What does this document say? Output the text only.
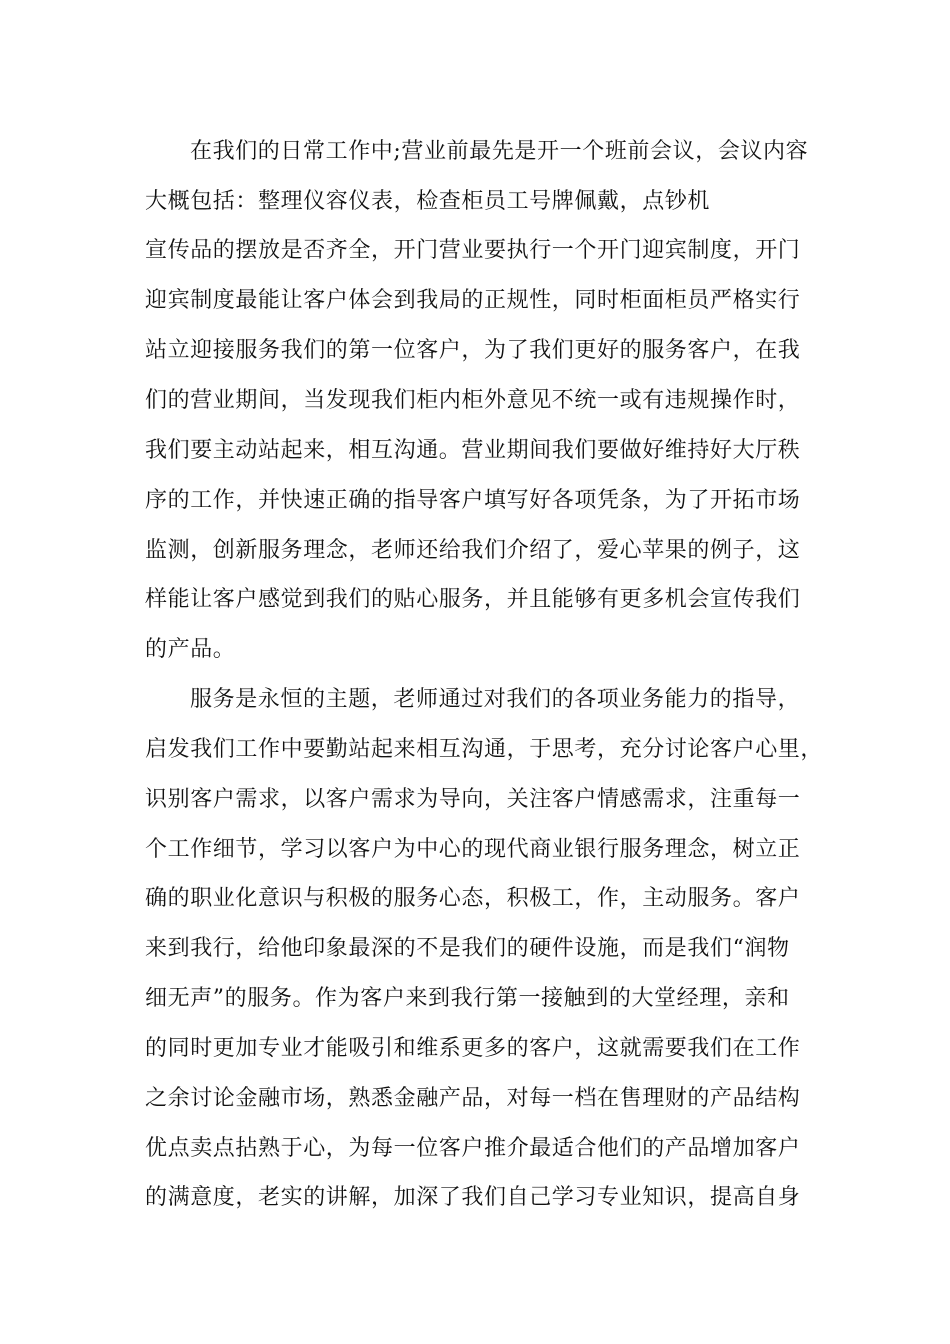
在我们的日常工作中;营业前最先是开一个班前会议，会议内容
大概包括：整理仪容仪表，检查柜员工号牌佩戴，点钞机
宣传品的摆放是否齐全，开门营业要执行一个开门迎宾制度，开门
迎宾制度最能让客户体会到我局的正规性，同时柜面柜员严格实行
站立迎接服务我们的第一位客户，为了我们更好的服务客户，在我
们的营业期间，当发现我们柜内柜外意见不统一或有违规操作时，
我们要主动站起来，相互沟通。营业期间我们要做好维持好大厅秩
序的工作，并快速正确的指导客户填写好各项凭条，为了开拓市场
监测，创新服务理念，老师还给我们介绍了，爱心苹果的例子，这
样能让客户感觉到我们的贴心服务，并且能够有更多机会宣传我们
的产品。
服务是永恒的主题，老师通过对我们的各项业务能力的指导，
启发我们工作中要勤站起来相互沟通，于思考，充分讨论客户心里，
识别客户需求，以客户需求为导向，关注客户情感需求，注重每一
个工作细节，学习以客户为中心的现代商业银行服务理念，树立正
确的职业化意识与积极的服务心态，积极工，作，主动服务。客户
来到我行，给他印象最深的不是我们的硬件设施，而是我们“润物
细无声”的服务。作为客户来到我行第一接触到的大堂经理，亲和
的同时更加专业才能吸引和维系更多的客户，这就需要我们在工作
之余讨论金融市场，熟悉金融产品，对每一档在售理财的产品结构
优点卖点拈熟于心，为每一位客户推介最适合他们的产品增加客户
的满意度，老实的讲解，加深了我们自己学习专业知识，提高自身
